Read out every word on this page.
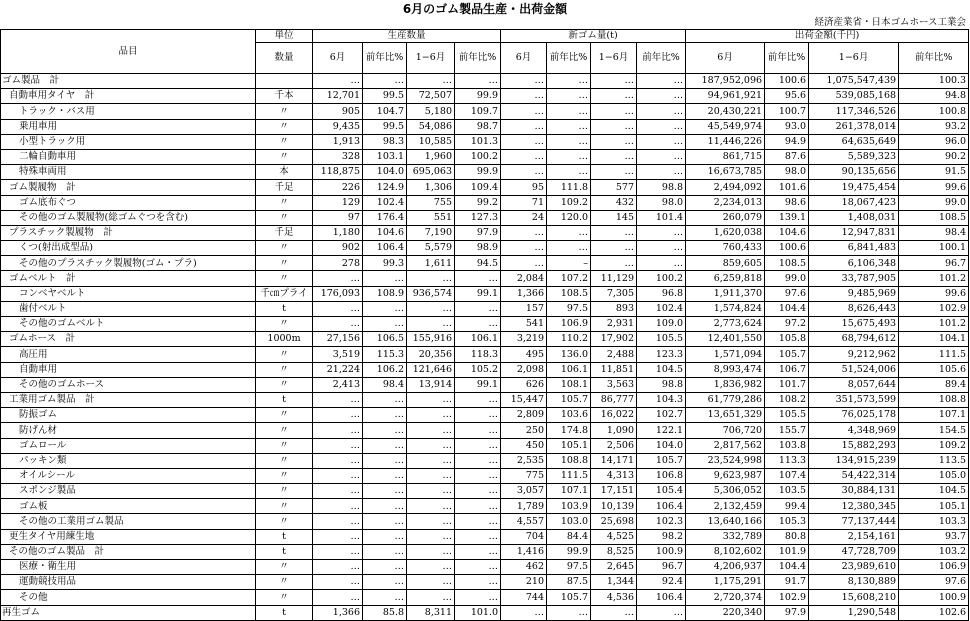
6月のゴム製品生産・出荷金額
経済産業省・日本ゴムホース工業会
品目	単位	生産数量				新ゴム量(t)				出荷金額(千円)			
	数量	6月	前年比%	1−6月	前年比%	6月	前年比%	1−6月	前年比%	6月	前年比%	1−6月	前年比%
ゴム製品　計		…	…	…	…	…	…	…	…	187,952,096	100.6	1,075,547,439	100.3
自動車用タイヤ　計	千本	12,701	99.5	72,507	99.9	…	…	…	…	94,961,921	95.6	539,085,168	94.8
トラック・バス用	〃	905	104.7	5,180	109.7	…	…	…	…	20,430,221	100.7	117,346,526	100.8
乗用車用	〃	9,435	99.5	54,086	98.7	…	…	…	…	45,549,974	93.0	261,378,014	93.2
小型トラック用	〃	1,913	98.3	10,585	101.3	…	…	…	…	11,446,226	94.9	64,635,649	96.0
二輪自動車用	〃	328	103.1	1,960	100.2	…	…	…	…	861,715	87.6	5,589,323	90.2
特殊車両用	本	118,875	104.0	695,063	99.9	…	…	…	…	16,673,785	98.0	90,135,656	91.5
ゴム製履物　計	千足	226	124.9	1,306	109.4	95	111.8	577	98.8	2,494,092	101.6	19,475,454	99.6
ゴム底布ぐつ	〃	129	102.4	755	99.2	71	109.2	432	98.0	2,234,013	98.6	18,067,423	99.0
その他のゴム製履物(総ゴムぐつを含む)	〃	97	176.4	551	127.3	24	120.0	145	101.4	260,079	139.1	1,408,031	108.5
プラスチック製履物　計	千足	1,180	104.6	7,190	97.9	…	…	…	…	1,620,038	104.6	12,947,831	98.4
くつ(射出成型品)	〃	902	106.4	5,579	98.9	…	…	…	…	760,433	100.6	6,841,483	100.1
その他のプラスチック製履物(ゴム・プラ)	〃	278	99.3	1,611	94.5	…	–	…	…	859,605	108.5	6,106,348	96.7
ゴムベルト　計	〃	…	…	…	…	2,084	107.2	11,129	100.2	6,259,818	99.0	33,787,905	101.2
コンベヤベルト	千㎝プライ	176,093	108.9	936,574	99.1	1,366	108.5	7,305	96.8	1,911,370	97.6	9,485,969	99.6
歯付ベルト	t	…	…	…	…	157	97.5	893	102.4	1,574,824	104.4	8,626,443	102.9
その他のゴムベルト	〃	…	…	…	…	541	106.9	2,931	109.0	2,773,624	97.2	15,675,493	101.2
ゴムホース　計	1000m	27,156	106.5	155,916	106.1	3,219	110.2	17,902	105.5	12,401,550	105.8	68,794,612	104.1
高圧用	〃	3,519	115.3	20,356	118.3	495	136.0	2,488	123.3	1,571,094	105.7	9,212,962	111.5
自動車用	〃	21,224	106.2	121,646	105.2	2,098	106.1	11,851	104.5	8,993,474	106.7	51,524,006	105.6
その他のゴムホース	〃	2,413	98.4	13,914	99.1	626	108.1	3,563	98.8	1,836,982	101.7	8,057,644	89.4
工業用ゴム製品　計	t	…	…	…	…	15,447	105.7	86,777	104.3	61,779,286	108.2	351,573,599	108.8
防振ゴム	〃	…	…	…	…	2,809	103.6	16,022	102.7	13,651,329	105.5	76,025,178	107.1
防げん材	〃	…	…	…	…	250	174.8	1,090	122.1	706,720	155.7	4,348,969	154.5
ゴムロール	〃	…	…	…	…	450	105.1	2,506	104.0	2,817,562	103.8	15,882,293	109.2
パッキン類	〃	…	…	…	…	2,535	108.8	14,171	105.7	23,524,998	113.3	134,915,239	113.5
オイルシール	〃	…	…	…	…	775	111.5	4,313	106.8	9,623,987	107.4	54,422,314	105.0
スポンジ製品	〃	…	…	…	…	3,057	107.1	17,151	105.4	5,306,052	103.5	30,884,131	104.5
ゴム板	〃	…	…	…	…	1,789	103.9	10,139	106.4	2,132,459	99.4	12,380,345	105.1
その他の工業用ゴム製品	〃	…	…	…	…	4,557	103.0	25,698	102.3	13,640,166	105.3	77,137,444	103.3
更生タイヤ用練生地	t	…	…	…	…	704	84.4	4,525	98.2	332,789	80.8	2,154,161	93.7
その他のゴム製品　計	t	…	…	…	…	1,416	99.9	8,525	100.9	8,102,602	101.9	47,728,709	103.2
医療・衛生用	〃	…	…	…	…	462	97.5	2,645	96.7	4,206,937	104.4	23,989,610	106.9
運動競技用品	〃	…	…	…	…	210	87.5	1,344	92.4	1,175,291	91.7	8,130,889	97.6
その他	〃	…	…	…	…	744	105.7	4,536	106.4	2,720,374	102.9	15,608,210	100.9
再生ゴム	t	1,366	85.8	8,311	101.0	…	…	…	…	220,340	97.9	1,290,548	102.6
